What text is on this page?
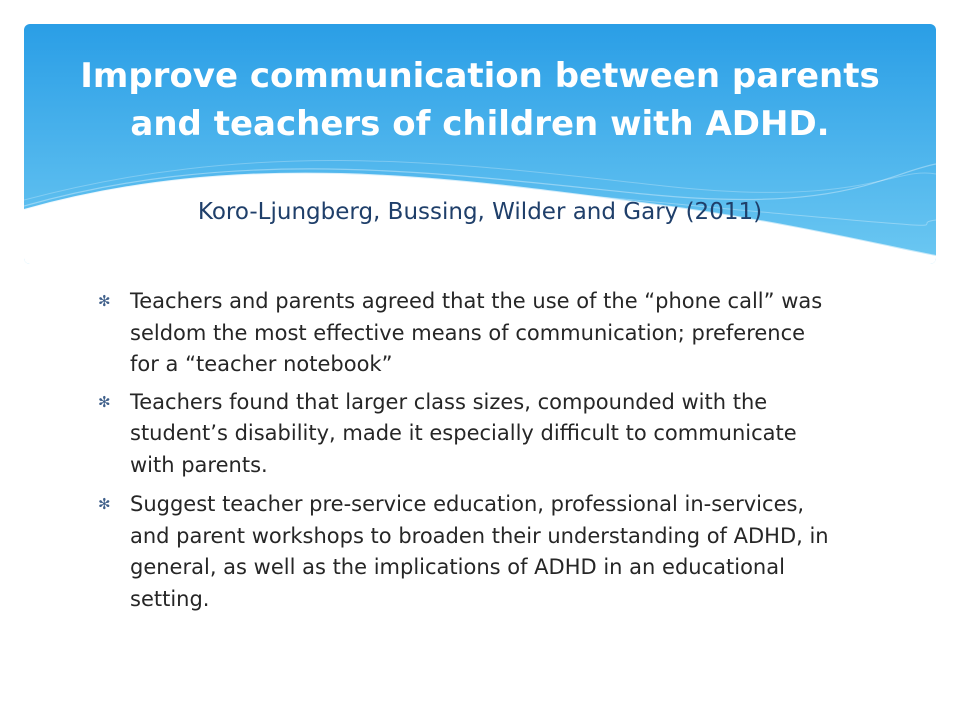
Improve communication between parents and teachers of children with ADHD.

Koro-Ljungberg, Bussing, Wilder and Gary (2011)

✻ Teachers and parents agreed that the use of the “phone call” was seldom the most effective means of communication; preference for a “teacher notebook”
✻ Teachers found that larger class sizes, compounded with the student’s disability, made it especially difficult to communicate with parents.
✻ Suggest teacher pre-service education, professional in-services, and parent workshops to broaden their understanding of ADHD, in general, as well as the implications of ADHD in an educational setting.
